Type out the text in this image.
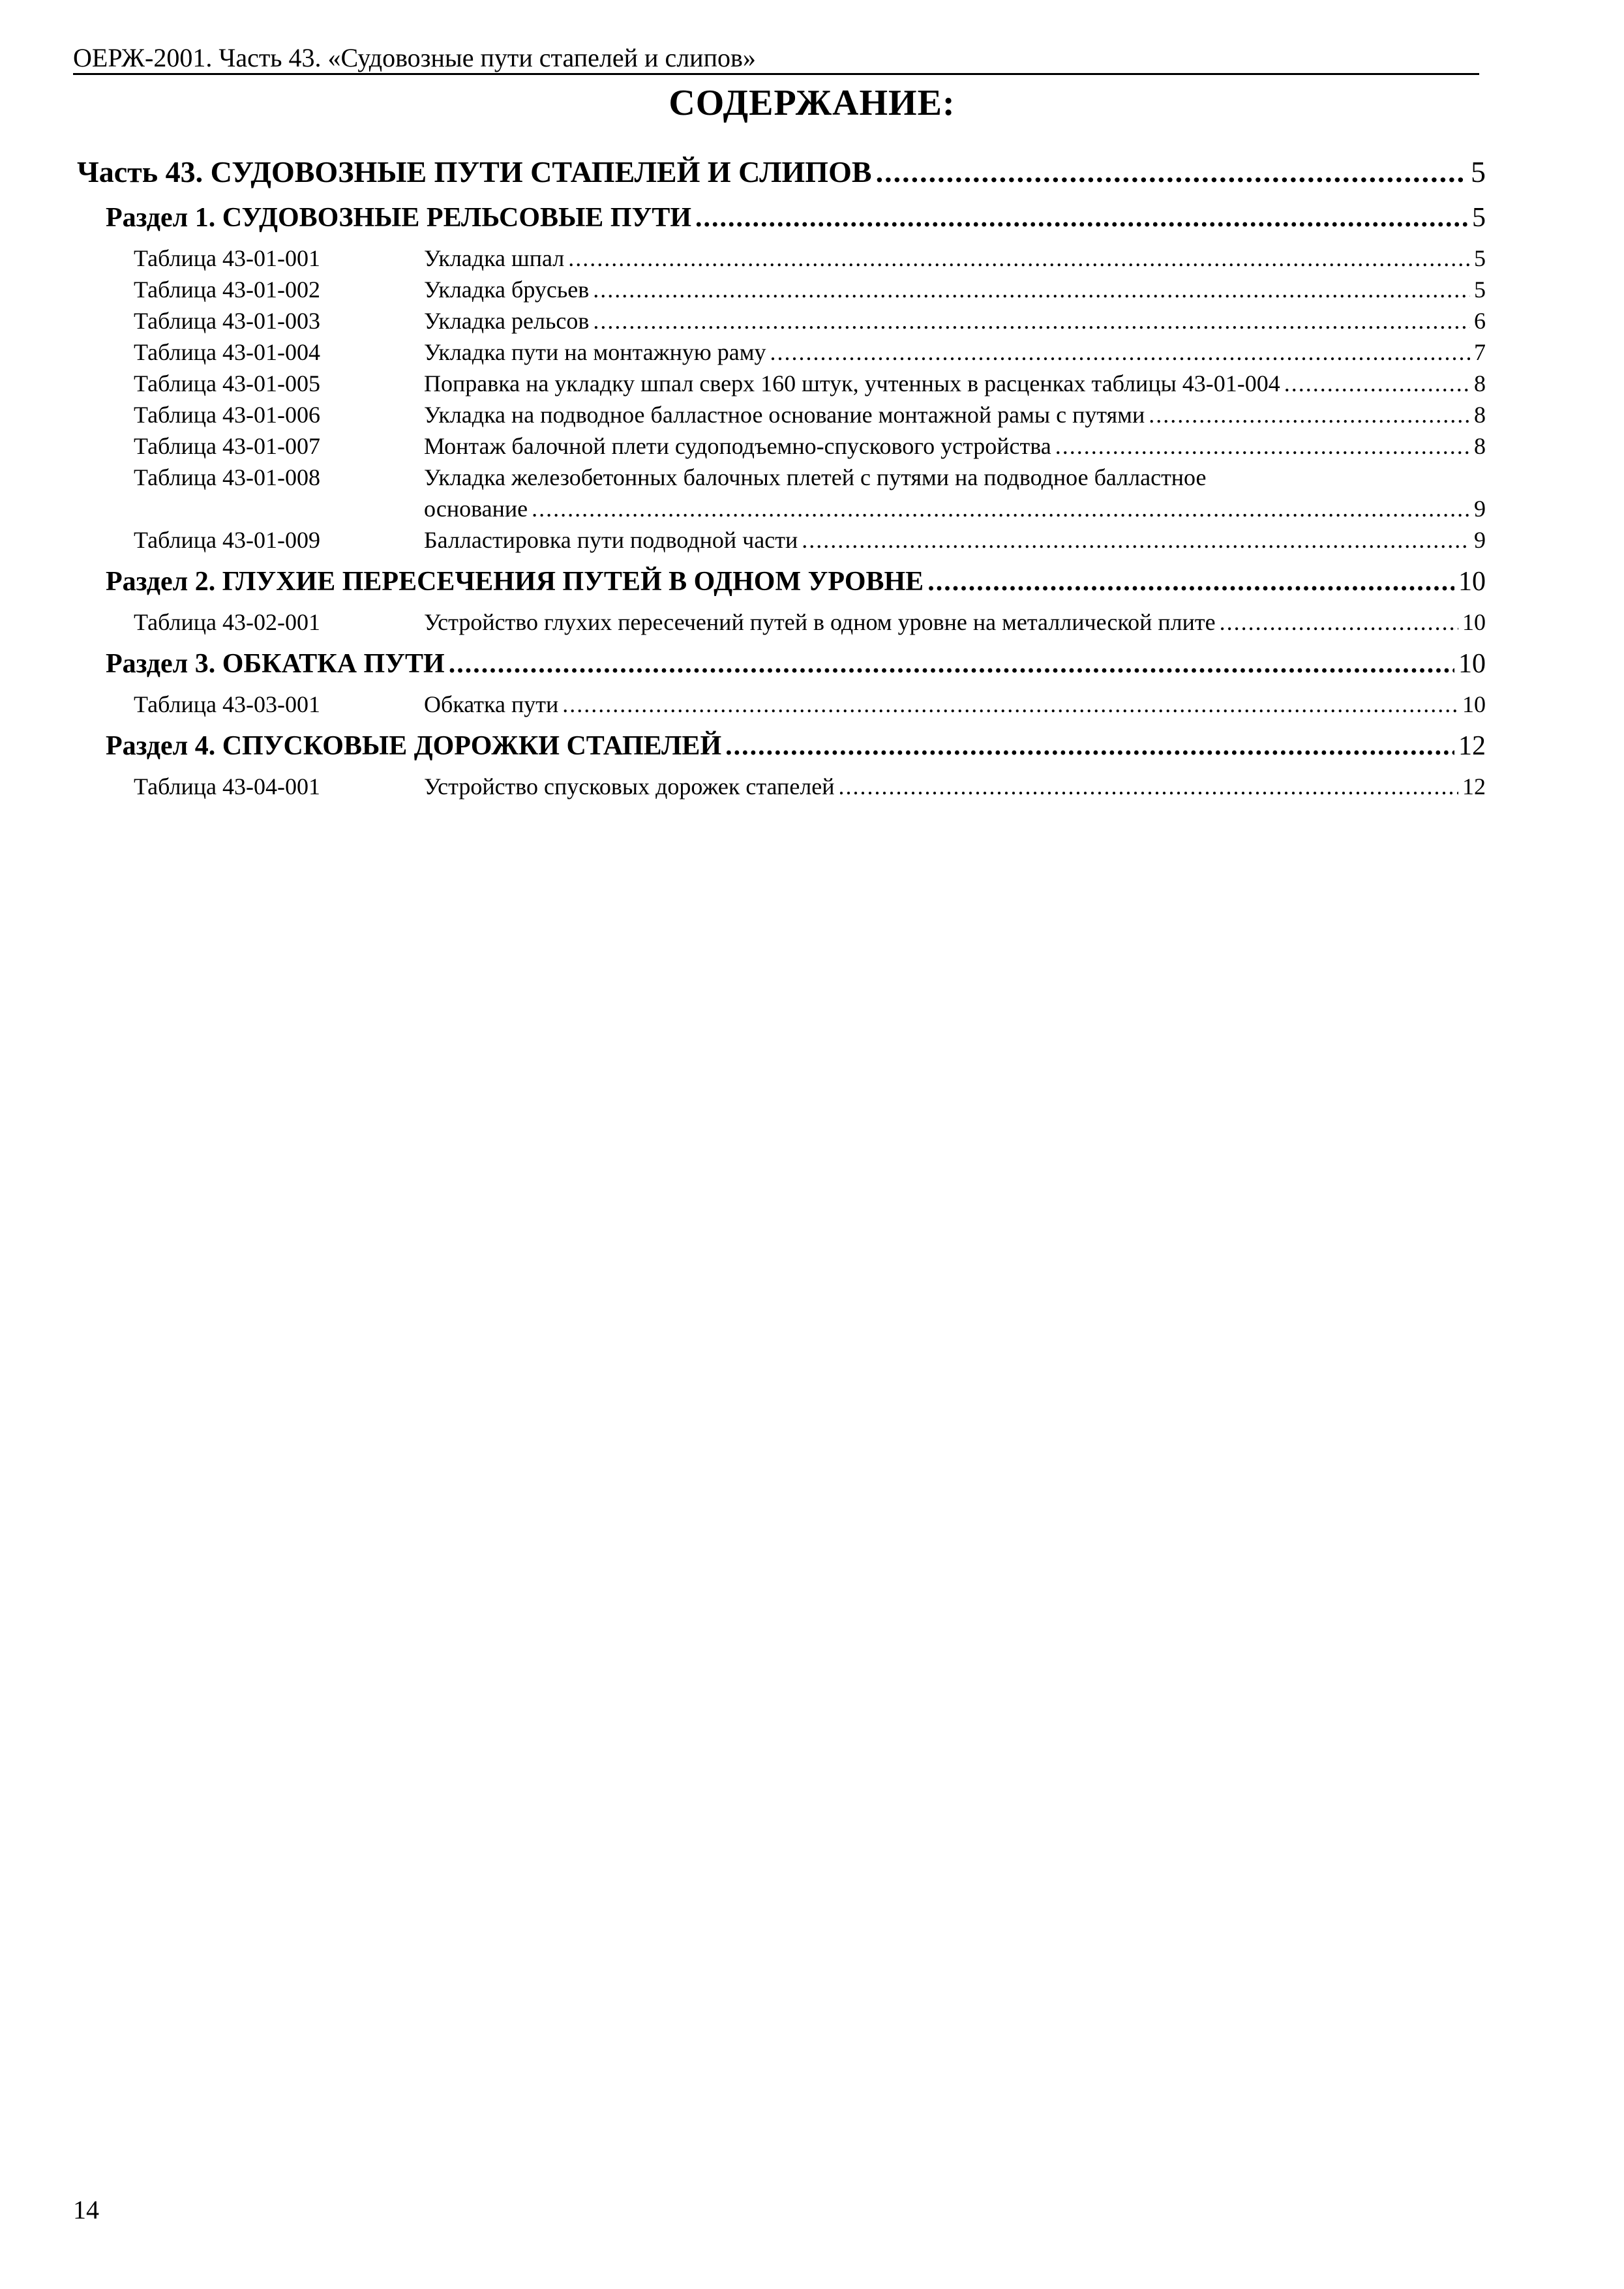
ОЕРЖ-2001. Часть 43. «Судовозные пути стапелей и слипов»
СОДЕРЖАНИЕ:
Часть 43. СУДОВОЗНЫЕ ПУТИ СТАПЕЛЕЙ И СЛИПОВ .....	5
Раздел 1. СУДОВОЗНЫЕ РЕЛЬСОВЫЕ ПУТИ .....	5
Таблица 43-01-001	Укладка шпал .....	5
Таблица 43-01-002	Укладка брусьев .....	5
Таблица 43-01-003	Укладка рельсов .....	6
Таблица 43-01-004	Укладка пути на монтажную раму .....	7
Таблица 43-01-005	Поправка на укладку шпал сверх 160 штук, учтенных в расценках таблицы 43-01-004 .....	8
Таблица 43-01-006	Укладка на подводное балластное основание монтажной рамы с путями .....	8
Таблица 43-01-007	Монтаж балочной плети судоподъемно-спускового устройства .....	8
Таблица 43-01-008	Укладка железобетонных балочных плетей с путями на подводное балластное
основание .....	9
Таблица 43-01-009	Балластировка пути подводной части .....	9
Раздел 2. ГЛУХИЕ ПЕРЕСЕЧЕНИЯ ПУТЕЙ В ОДНОМ УРОВНЕ .....	10
Таблица 43-02-001	Устройство глухих пересечений путей в одном уровне на металлической плите .....	10
Раздел 3. ОБКАТКА ПУТИ .....	10
Таблица 43-03-001	Обкатка пути .....	10
Раздел 4. СПУСКОВЫЕ ДОРОЖКИ СТАПЕЛЕЙ .....	12
Таблица 43-04-001	Устройство спусковых дорожек стапелей .....	12
14
